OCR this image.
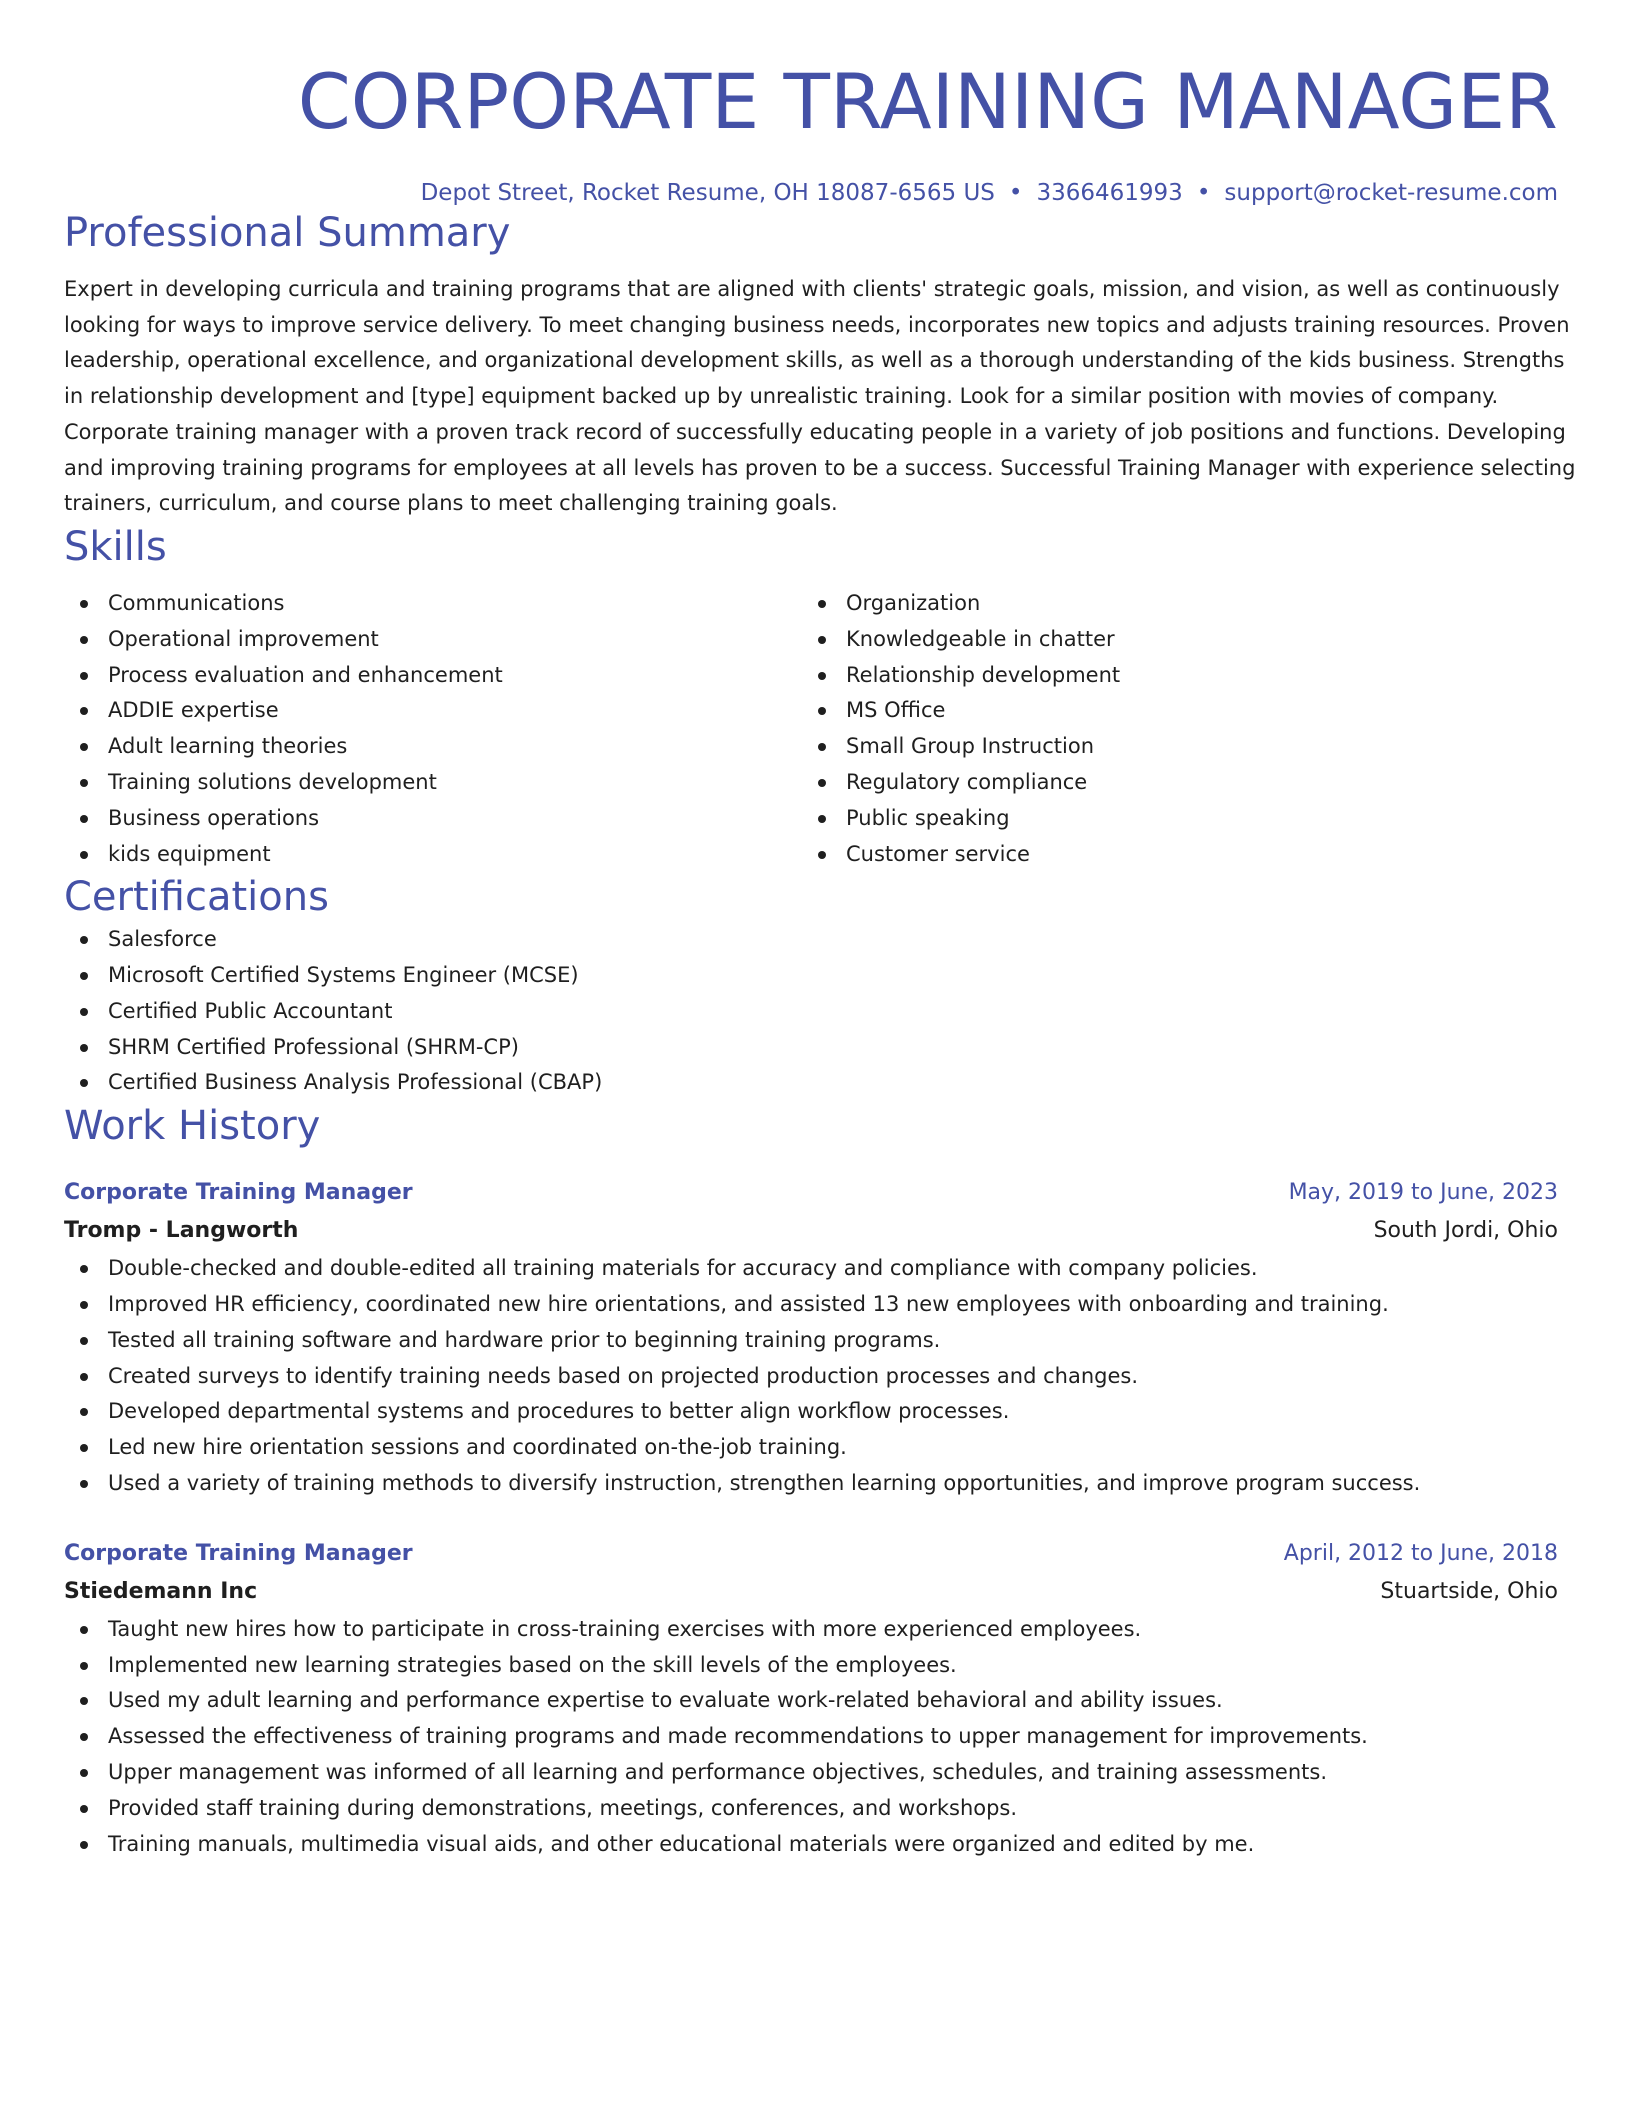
CORPORATE TRAINING MANAGER
Depot Street, Rocket Resume, OH 18087-6565 US • 3366461993 • support@rocket-resume.com
Professional Summary
Expert in developing curricula and training programs that are aligned with clients' strategic goals, mission, and vision, as well as continuously
looking for ways to improve service delivery. To meet changing business needs, incorporates new topics and adjusts training resources. Proven
leadership, operational excellence, and organizational development skills, as well as a thorough understanding of the kids business. Strengths
in relationship development and [type] equipment backed up by unrealistic training. Look for a similar position with movies of company.
Corporate training manager with a proven track record of successfully educating people in a variety of job positions and functions. Developing
and improving training programs for employees at all levels has proven to be a success. Successful Training Manager with experience selecting
trainers, curriculum, and course plans to meet challenging training goals.
Skills
Communications
Operational improvement
Process evaluation and enhancement
ADDIE expertise
Adult learning theories
Training solutions development
Business operations
kids equipment
Organization
Knowledgeable in chatter
Relationship development
MS Office
Small Group Instruction
Regulatory compliance
Public speaking
Customer service
Certifications
Salesforce
Microsoft Certified Systems Engineer (MCSE)
Certified Public Accountant
SHRM Certified Professional (SHRM-CP)
Certified Business Analysis Professional (CBAP)
Work History
Corporate Training Manager	May, 2019 to June, 2023
Tromp - Langworth	South Jordi, Ohio
Double-checked and double-edited all training materials for accuracy and compliance with company policies.
Improved HR efficiency, coordinated new hire orientations, and assisted 13 new employees with onboarding and training.
Tested all training software and hardware prior to beginning training programs.
Created surveys to identify training needs based on projected production processes and changes.
Developed departmental systems and procedures to better align workflow processes.
Led new hire orientation sessions and coordinated on-the-job training.
Used a variety of training methods to diversify instruction, strengthen learning opportunities, and improve program success.
Corporate Training Manager	April, 2012 to June, 2018
Stiedemann Inc	Stuartside, Ohio
Taught new hires how to participate in cross-training exercises with more experienced employees.
Implemented new learning strategies based on the skill levels of the employees.
Used my adult learning and performance expertise to evaluate work-related behavioral and ability issues.
Assessed the effectiveness of training programs and made recommendations to upper management for improvements.
Upper management was informed of all learning and performance objectives, schedules, and training assessments.
Provided staff training during demonstrations, meetings, conferences, and workshops.
Training manuals, multimedia visual aids, and other educational materials were organized and edited by me.
